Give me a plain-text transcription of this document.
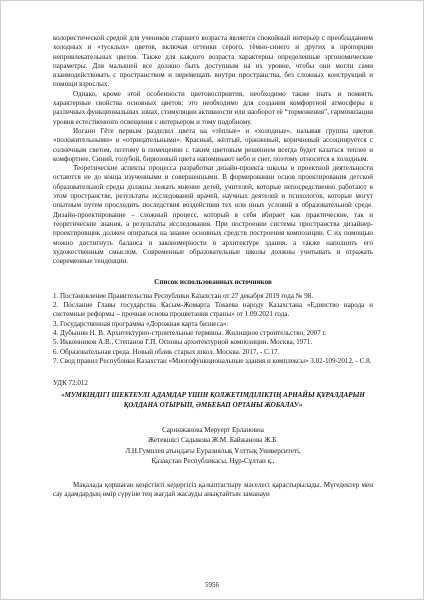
колористической средой для учеников старшего возраста является спокойный интерьер с преобладанием холодных и «тусклых» цветов, включая оттенки серого, тёмно-синего и других в пропорции непривлекательных цветов. Также для каждого возраста характерны определенные эргономические параметры. Для малышей все должно быть доступным на их уровне, чтобы они могли сами взаимодействовать с пространством и перемещать внутри пространства, без сложных конструкций и помощи взрослых.

Однако, кроме этой особенности цветовосприятия, необходимо также знать и помнить характерные свойства основных цветов: это необходимо для создания комфортной атмосферы в различных функциональных зонах, стимуляции активности или наоборот её “торможения”, гармонизации уровня естественного освещения с интерьером и тому подобному.

Иоганн Гёте первым разделил цвета на «тёплые» и «холодные», называя группы цветов «положительными» и «отрицательными». Красный, жёлтый, оранжевый, коричневый ассоциируется с солнечным светом, поэтому в помещении с таким цветовым решением всегда будет казаться теплее и комфортнее. Синий, голубой, бирюзовый цвета напоминают небо и снег, поэтому относятся к холодным.

Теоретические аспекты процесса разработки дизайн-проекта школы в проектной деятельности остаются не до конца изученными и совершенными. В формировании основ проектирования детской образовательной среды должны лежать мнение детей, учителей, которые непосредственно работают в этом пространстве, результаты исследований врачей, научных деятелей и психологов, которые могут опытным путем проследить последствия воздействия тех или иных условий в образовательной среде. Дизайн-проектирование – сложный процесс, который в себя вбирает как практические, так и теоретические знания, а результаты исследования. При построении системы пространства дизайнер-проектировщик должен опираться на знание основных средств построения композиции. С их помощью можно достигнуть баланса и закономерности в архитектуре здания, а также наполнить его художественным смыслом. Современные образовательные школы должны учитывать и отражать современные тенденции.

Список использованных источников

1. Постановление Правительства Республики Казахстан от 27 декабря 2019 года № 98.
2. Послание Главы государства Касым-Жомарта Токаева народу Казахстана «Единство народа и системные реформы – прочная основа процветания страны» от 1.09.2021 года.
3. Государственная программа «Дорожная карта бизнеса».
4. Дубынин Н. В. Архитектурно-строительные термины. Жилищное строительство, 2007 г.
5. Икконников А.В., Степанов Г.П. Основы архитектурной композиции. Москва, 1971.
6. Образовательная среда. Новый облик старых школ. Москва. 2017, - С.17.
7. Свод правил Республики Казахстан «Многофункциональные здания и комплексы» 3.02-109-2012. - С.8.

УДК 72.012

«МУМКІНДІГІ ШЕКТЕУЛІ АДАМДАР ҮШІН ҚОЛЖЕТІМДІЛІКТІҢ АРНАЙЫ ҚҰРАЛДАРЫН ҚОЛДАНА ОТЫРЫП, ӘМБЕБАП ОРТАНЫ ЖОБАЛАУ»

Саринжанова Меруерт Ерлановна
Жетекшісі Садыкова Ж.М. Байжанова Ж.Б.
Л.Н.Гумилев атындағы Еуразиялық Ұлттық Университеті,
Қазақстан Республикасы, Нұр-Сұлтан қ.,

Мақалада қоршаған кеңістікті кедергісіз қалыптастыру мәселесі қарастырылады. Мүгедектер мен сау адамдардың өмір сүруіне тең жағдай жасауды анықтайтын заманауи

5956
